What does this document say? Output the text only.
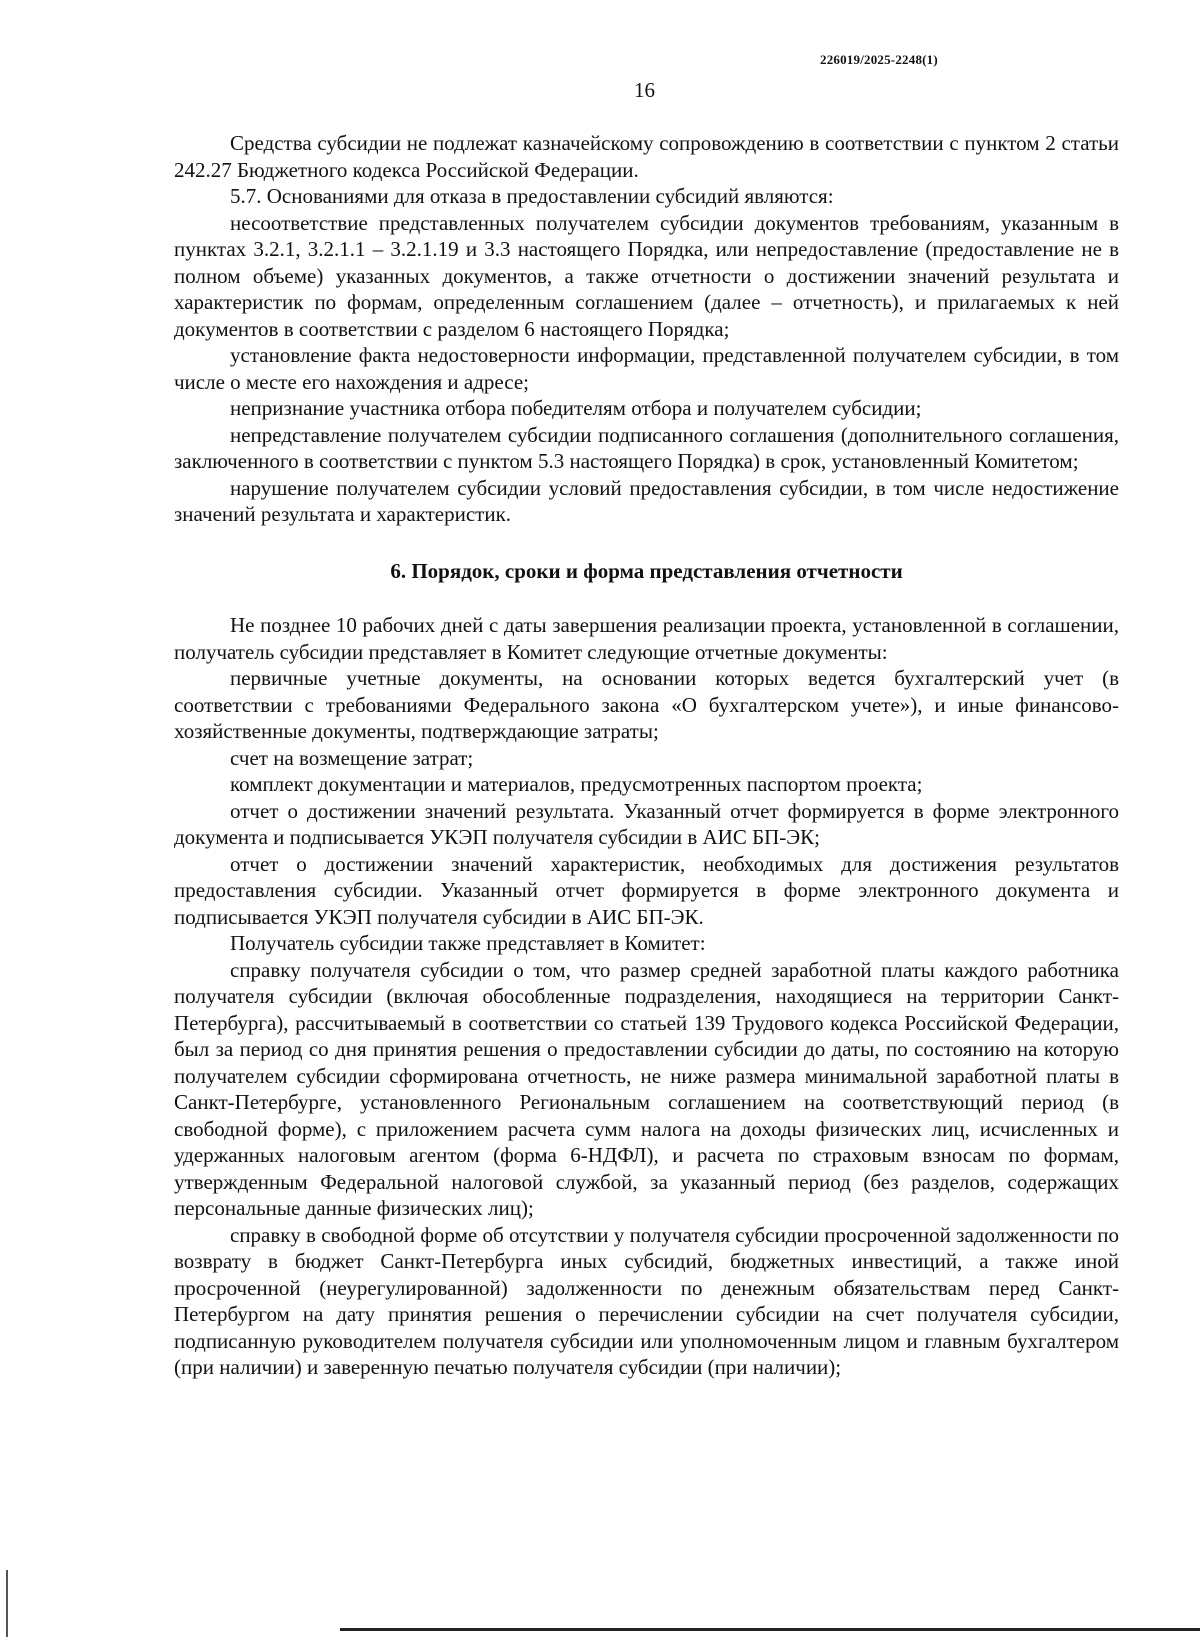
226019/2025-2248(1)
16

Средства субсидии не подлежат казначейскому сопровождению в соответствии с пунктом 2 статьи 242.27 Бюджетного кодекса Российской Федерации.

5.7. Основаниями для отказа в предоставлении субсидий являются:

несоответствие представленных получателем субсидии документов требованиям, указанным в пунктах 3.2.1, 3.2.1.1 – 3.2.1.19 и 3.3 настоящего Порядка, или непредоставление (предоставление не в полном объеме) указанных документов, а также отчетности о достижении значений результата и характеристик по формам, определенным соглашением (далее – отчетность), и прилагаемых к ней документов в соответствии с разделом 6 настоящего Порядка;

установление факта недостоверности информации, представленной получателем субсидии, в том числе о месте его нахождения и адресе;

непризнание участника отбора победителям отбора и получателем субсидии;

непредставление получателем субсидии подписанного соглашения (дополнительного соглашения, заключенного в соответствии с пунктом 5.3 настоящего Порядка) в срок, установленный Комитетом;

нарушение получателем субсидии условий предоставления субсидии, в том числе недостижение значений результата и характеристик.

6. Порядок, сроки и форма представления отчетности

Не позднее 10 рабочих дней с даты завершения реализации проекта, установленной в соглашении, получатель субсидии представляет в Комитет следующие отчетные документы:

первичные учетные документы, на основании которых ведется бухгалтерский учет (в соответствии с требованиями Федерального закона «О бухгалтерском учете»), и иные финансово-хозяйственные документы, подтверждающие затраты;

счет на возмещение затрат;

комплект документации и материалов, предусмотренных паспортом проекта;

отчет о достижении значений результата. Указанный отчет формируется в форме электронного документа и подписывается УКЭП получателя субсидии в АИС БП-ЭК;

отчет о достижении значений характеристик, необходимых для достижения результатов предоставления субсидии. Указанный отчет формируется в форме электронного документа и подписывается УКЭП получателя субсидии в АИС БП-ЭК.

Получатель субсидии также представляет в Комитет:

справку получателя субсидии о том, что размер средней заработной платы каждого работника получателя субсидии (включая обособленные подразделения, находящиеся на территории Санкт-Петербурга), рассчитываемый в соответствии со статьей 139 Трудового кодекса Российской Федерации, был за период со дня принятия решения о предоставлении субсидии до даты, по состоянию на которую получателем субсидии сформирована отчетность, не ниже размера минимальной заработной платы в Санкт-Петербурге, установленного Региональным соглашением на соответствующий период (в свободной форме), с приложением расчета сумм налога на доходы физических лиц, исчисленных и удержанных налоговым агентом (форма 6-НДФЛ), и расчета по страховым взносам по формам, утвержденным Федеральной налоговой службой, за указанный период (без разделов, содержащих персональные данные физических лиц);

справку в свободной форме об отсутствии у получателя субсидии просроченной задолженности по возврату в бюджет Санкт-Петербурга иных субсидий, бюджетных инвестиций, а также иной просроченной (неурегулированной) задолженности по денежным обязательствам перед Санкт-Петербургом на дату принятия решения о перечислении субсидии на счет получателя субсидии, подписанную руководителем получателя субсидии или уполномоченным лицом и главным бухгалтером (при наличии) и заверенную печатью получателя субсидии (при наличии);
